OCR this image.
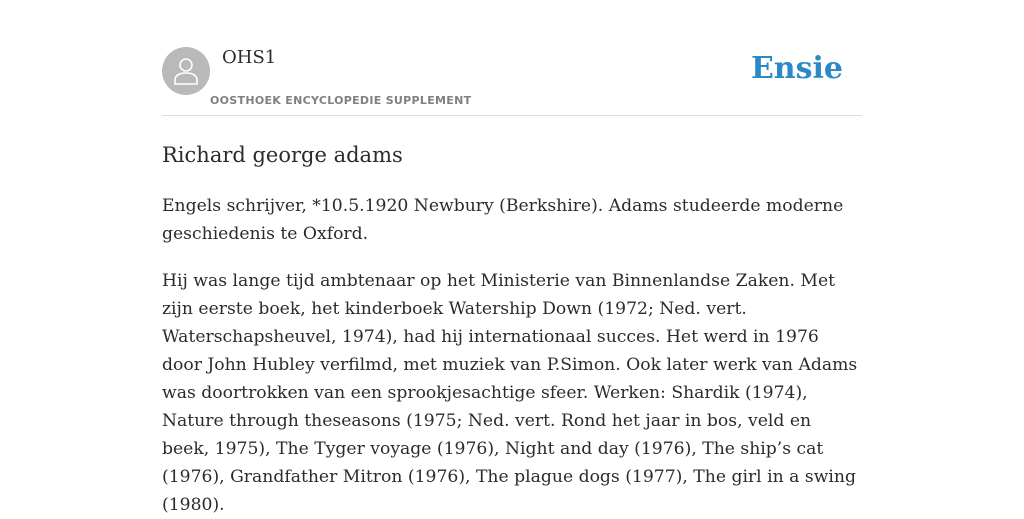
OHS1
OOSTHOEK ENCYCLOPEDIE SUPPLEMENT
Ensie
Richard george adams

Engels schrijver, *10.5.1920 Newbury (Berkshire). Adams studeerde moderne geschiedenis te Oxford.

Hij was lange tijd ambtenaar op het Ministerie van Binnenlandse Zaken. Met zijn eerste boek, het kinderboek Watership Down (1972; Ned. vert. Waterschapsheuvel, 1974), had hij internationaal succes. Het werd in 1976 door John Hubley verfilmd, met muziek van P.Simon. Ook later werk van Adams was doortrokken van een sprookjesachtige sfeer. Werken: Shardik (1974), Nature through theseasons (1975; Ned. vert. Rond het jaar in bos, veld en beek, 1975), The Tyger voyage (1976), Night and day (1976), The ship’s cat (1976), Grandfather Mitron (1976), The plague dogs (1977), The girl in a swing (1980).
